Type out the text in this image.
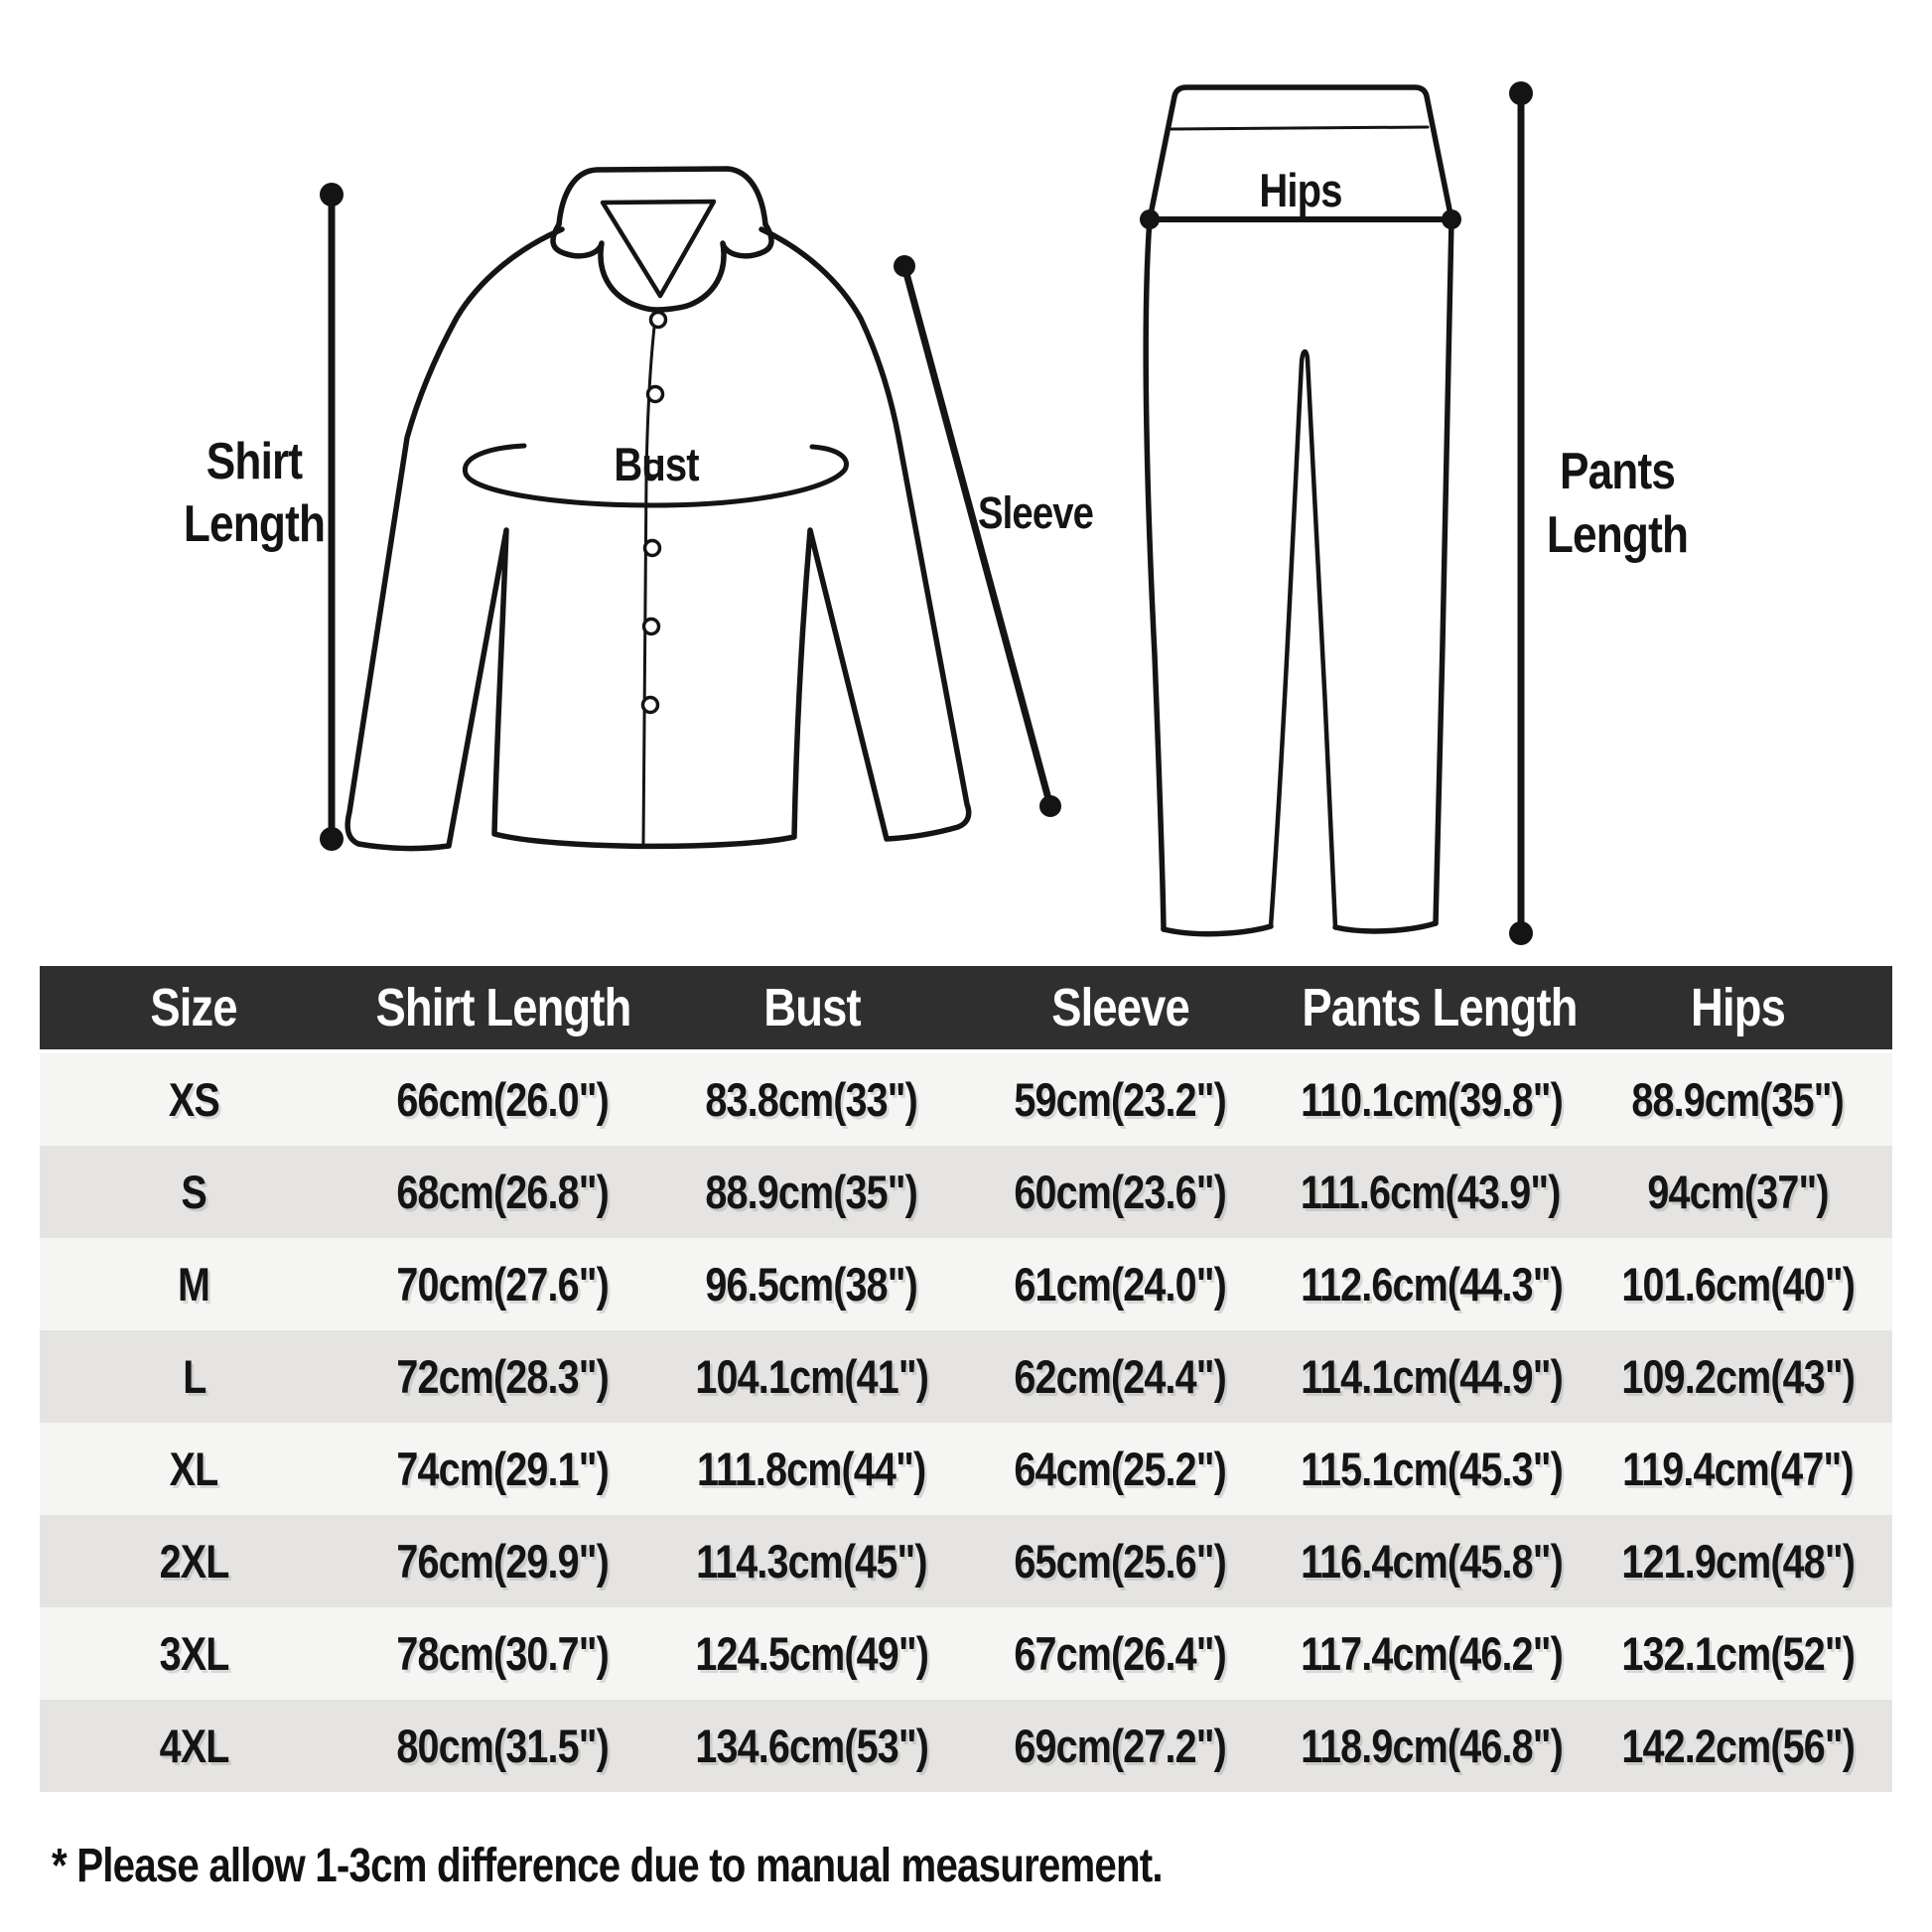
Shirt
Length
Bust
Sleeve
Hips
Pants
Length
Size	Shirt Length	Bust	Sleeve	Pants Length	Hips
XS	66cm(26.0")	83.8cm(33")	59cm(23.2")	110.1cm(39.8")	88.9cm(35")
S	68cm(26.8")	88.9cm(35")	60cm(23.6")	111.6cm(43.9")	94cm(37")
M	70cm(27.6")	96.5cm(38")	61cm(24.0")	112.6cm(44.3")	101.6cm(40")
L	72cm(28.3")	104.1cm(41")	62cm(24.4")	114.1cm(44.9")	109.2cm(43")
XL	74cm(29.1")	111.8cm(44")	64cm(25.2")	115.1cm(45.3")	119.4cm(47")
2XL	76cm(29.9")	114.3cm(45")	65cm(25.6")	116.4cm(45.8")	121.9cm(48")
3XL	78cm(30.7")	124.5cm(49")	67cm(26.4")	117.4cm(46.2")	132.1cm(52")
4XL	80cm(31.5")	134.6cm(53")	69cm(27.2")	118.9cm(46.8")	142.2cm(56")
* Please allow 1-3cm difference due to manual measurement.
